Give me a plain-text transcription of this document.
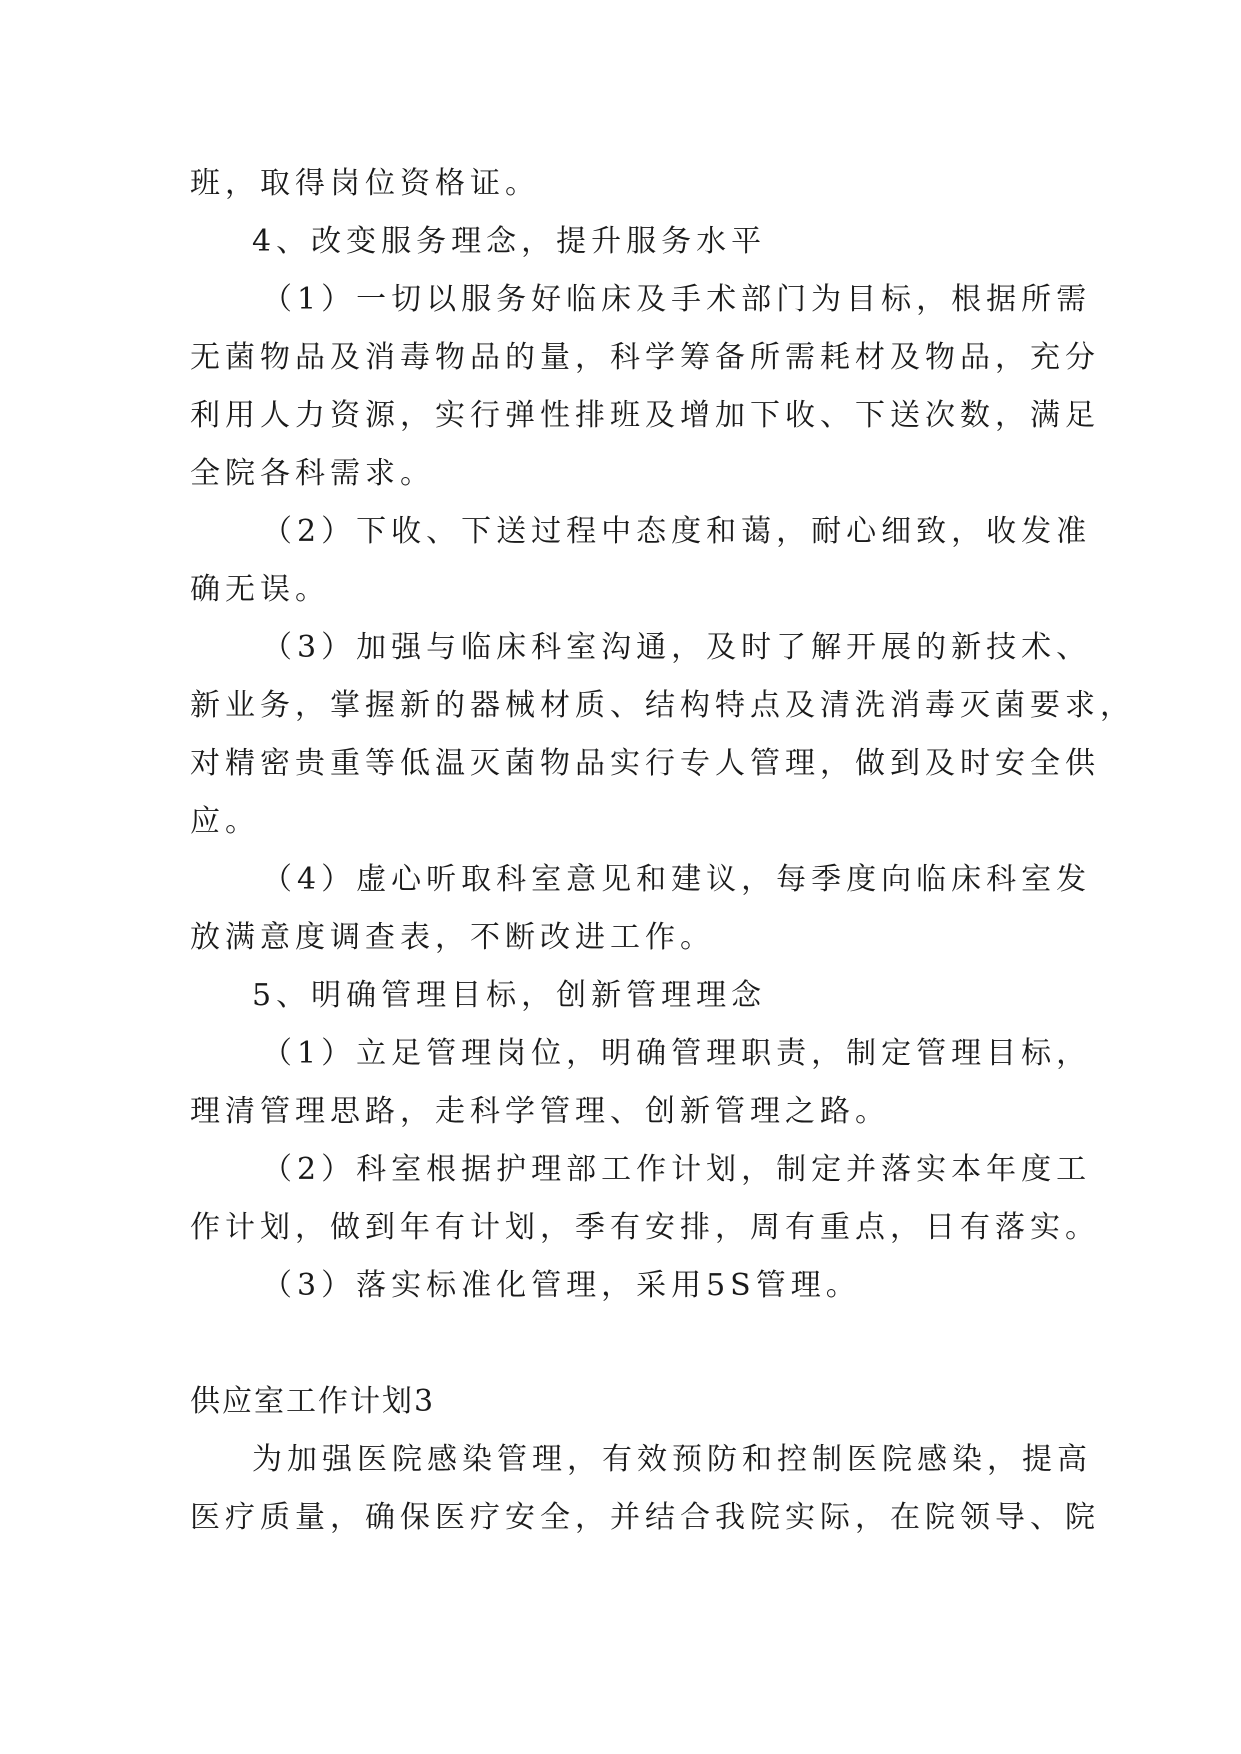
班，取得岗位资格证。
4、改变服务理念，提升服务水平
（1）一切以服务好临床及手术部门为目标，根据所需
无菌物品及消毒物品的量，科学筹备所需耗材及物品，充分
利用人力资源，实行弹性排班及增加下收、下送次数，满足
全院各科需求。
（2）下收、下送过程中态度和蔼，耐心细致，收发准
确无误。
（3）加强与临床科室沟通，及时了解开展的新技术、
新业务，掌握新的器械材质、结构特点及清洗消毒灭菌要求，
对精密贵重等低温灭菌物品实行专人管理，做到及时安全供
应。
（4）虚心听取科室意见和建议，每季度向临床科室发
放满意度调查表，不断改进工作。
5、明确管理目标，创新管理理念
（1）立足管理岗位，明确管理职责，制定管理目标，
理清管理思路，走科学管理、创新管理之路。
（2）科室根据护理部工作计划，制定并落实本年度工
作计划，做到年有计划，季有安排，周有重点，日有落实。
（3）落实标准化管理，采用5S管理。
供应室工作计划3
为加强医院感染管理，有效预防和控制医院感染，提高
医疗质量，确保医疗安全，并结合我院实际，在院领导、院
